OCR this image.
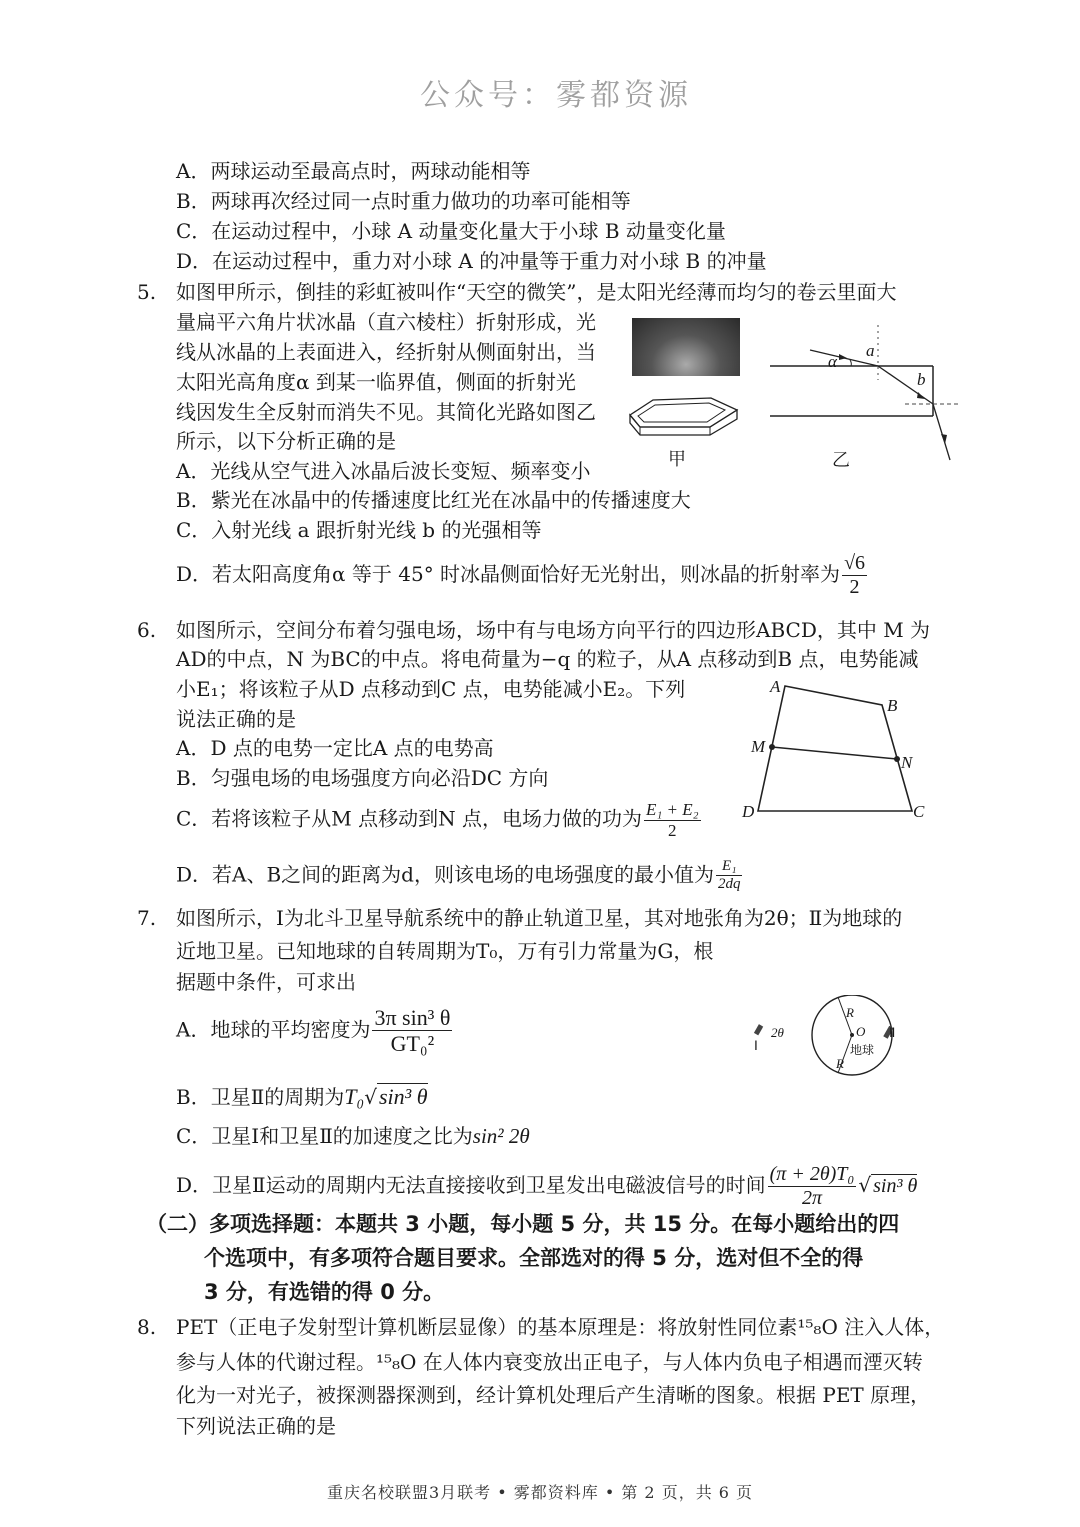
A．两球运动至最高点时，两球动能相等
B．两球再次经过同一点时重力做功的功率可能相等
C．在运动过程中，小球 A 动量变化量大于小球 B 动量变化量
D．在运动过程中，重力对小球 A 的冲量等于重力对小球 B 的冲量
5. 如图甲所示，倒挂的彩虹被叫作“天空的微笑”，是太阳光经薄而均匀的卷云里面大
量扁平六角片状冰晶（直六棱柱）折射形成，光
线从冰晶的上表面进入，经折射从侧面射出，当
太阳光高角度α 到某一临界值，侧面的折射光
线因发生全反射而消失不见。其简化光路如图乙
所示，以下分析正确的是
A．光线从空气进入冰晶后波长变短、频率变小
B．紫光在冰晶中的传播速度比红光在冰晶中的传播速度大
C．入射光线 a 跟折射光线 b 的光强相等
D．若太阳高度角α 等于 45° 时冰晶侧面恰好无光射出，则冰晶的折射率为 $\frac{√6}{2}$
甲
α
a
b
乙
6. 如图所示，空间分布着匀强电场，场中有与电场方向平行的四边形ABCD，其中 M 为
AD的中点，N 为BC的中点。将电荷量为−q 的粒子，从A 点移动到B 点，电势能减
小E₁；将该粒子从D 点移动到C 点，电势能减小E₂。下列
说法正确的是
A．D 点的电势一定比A 点的电势高
B．匀强电场的电场强度方向必沿DC 方向
C．若将该粒子从M 点移动到N 点，电场力做的功为 $\frac{\text{E₁ + E₂}}{2}$
D．若A、B之间的距离为d，则该电场的电场强度的最小值为 $\frac{\text{E₁}}{2dq}$
A
B
M
N
D	C
7. 如图所示，Ⅰ为北斗卫星导航系统中的静止轨道卫星，其对地张角为2θ；Ⅱ为地球的
近地卫星。已知地球的自转周期为T₀，万有引力常量为G，根
据题中条件，可求出
A．地球的平均密度为 $\frac{\text{3π sin³ θ}}{\text{GT₀²}}$
B．卫星Ⅱ的周期为T₀√sin³ θ
C．卫星Ⅰ和卫星Ⅱ的加速度之比为sin² 2θ
D．卫星Ⅱ运动的周期内无法直接接收到卫星发出电磁波信号的时间 $\frac{\text{(π + 2θ)T₀}}{2\pi}$ √ sin³ θ
Ⅰ
2θ
R
R
O
地球
Ⅱ
（二）多项选择题：本题共 3 小题，每小题 5 分，共 15 分。在每小题给出的四
个选项中，有多项符合题目要求。全部选对的得 5 分，选对但不全的得
3 分，有选错的得 0 分。
8. PET（正电子发射型计算机断层显像）的基本原理是：将放射性同位素¹⁵₈O 注入人体，
参与人体的代谢过程。¹⁵₈O 在人体内衰变放出正电子，与人体内负电子相遇而湮灭转
化为一对光子，被探测器探测到，经计算机处理后产生清晰的图象。根据 PET 原理，
下列说法正确的是
公众号：雾都资源
重庆名校联盟3月联考 • 雾都资料库 • 第 2 页，共 6 页
